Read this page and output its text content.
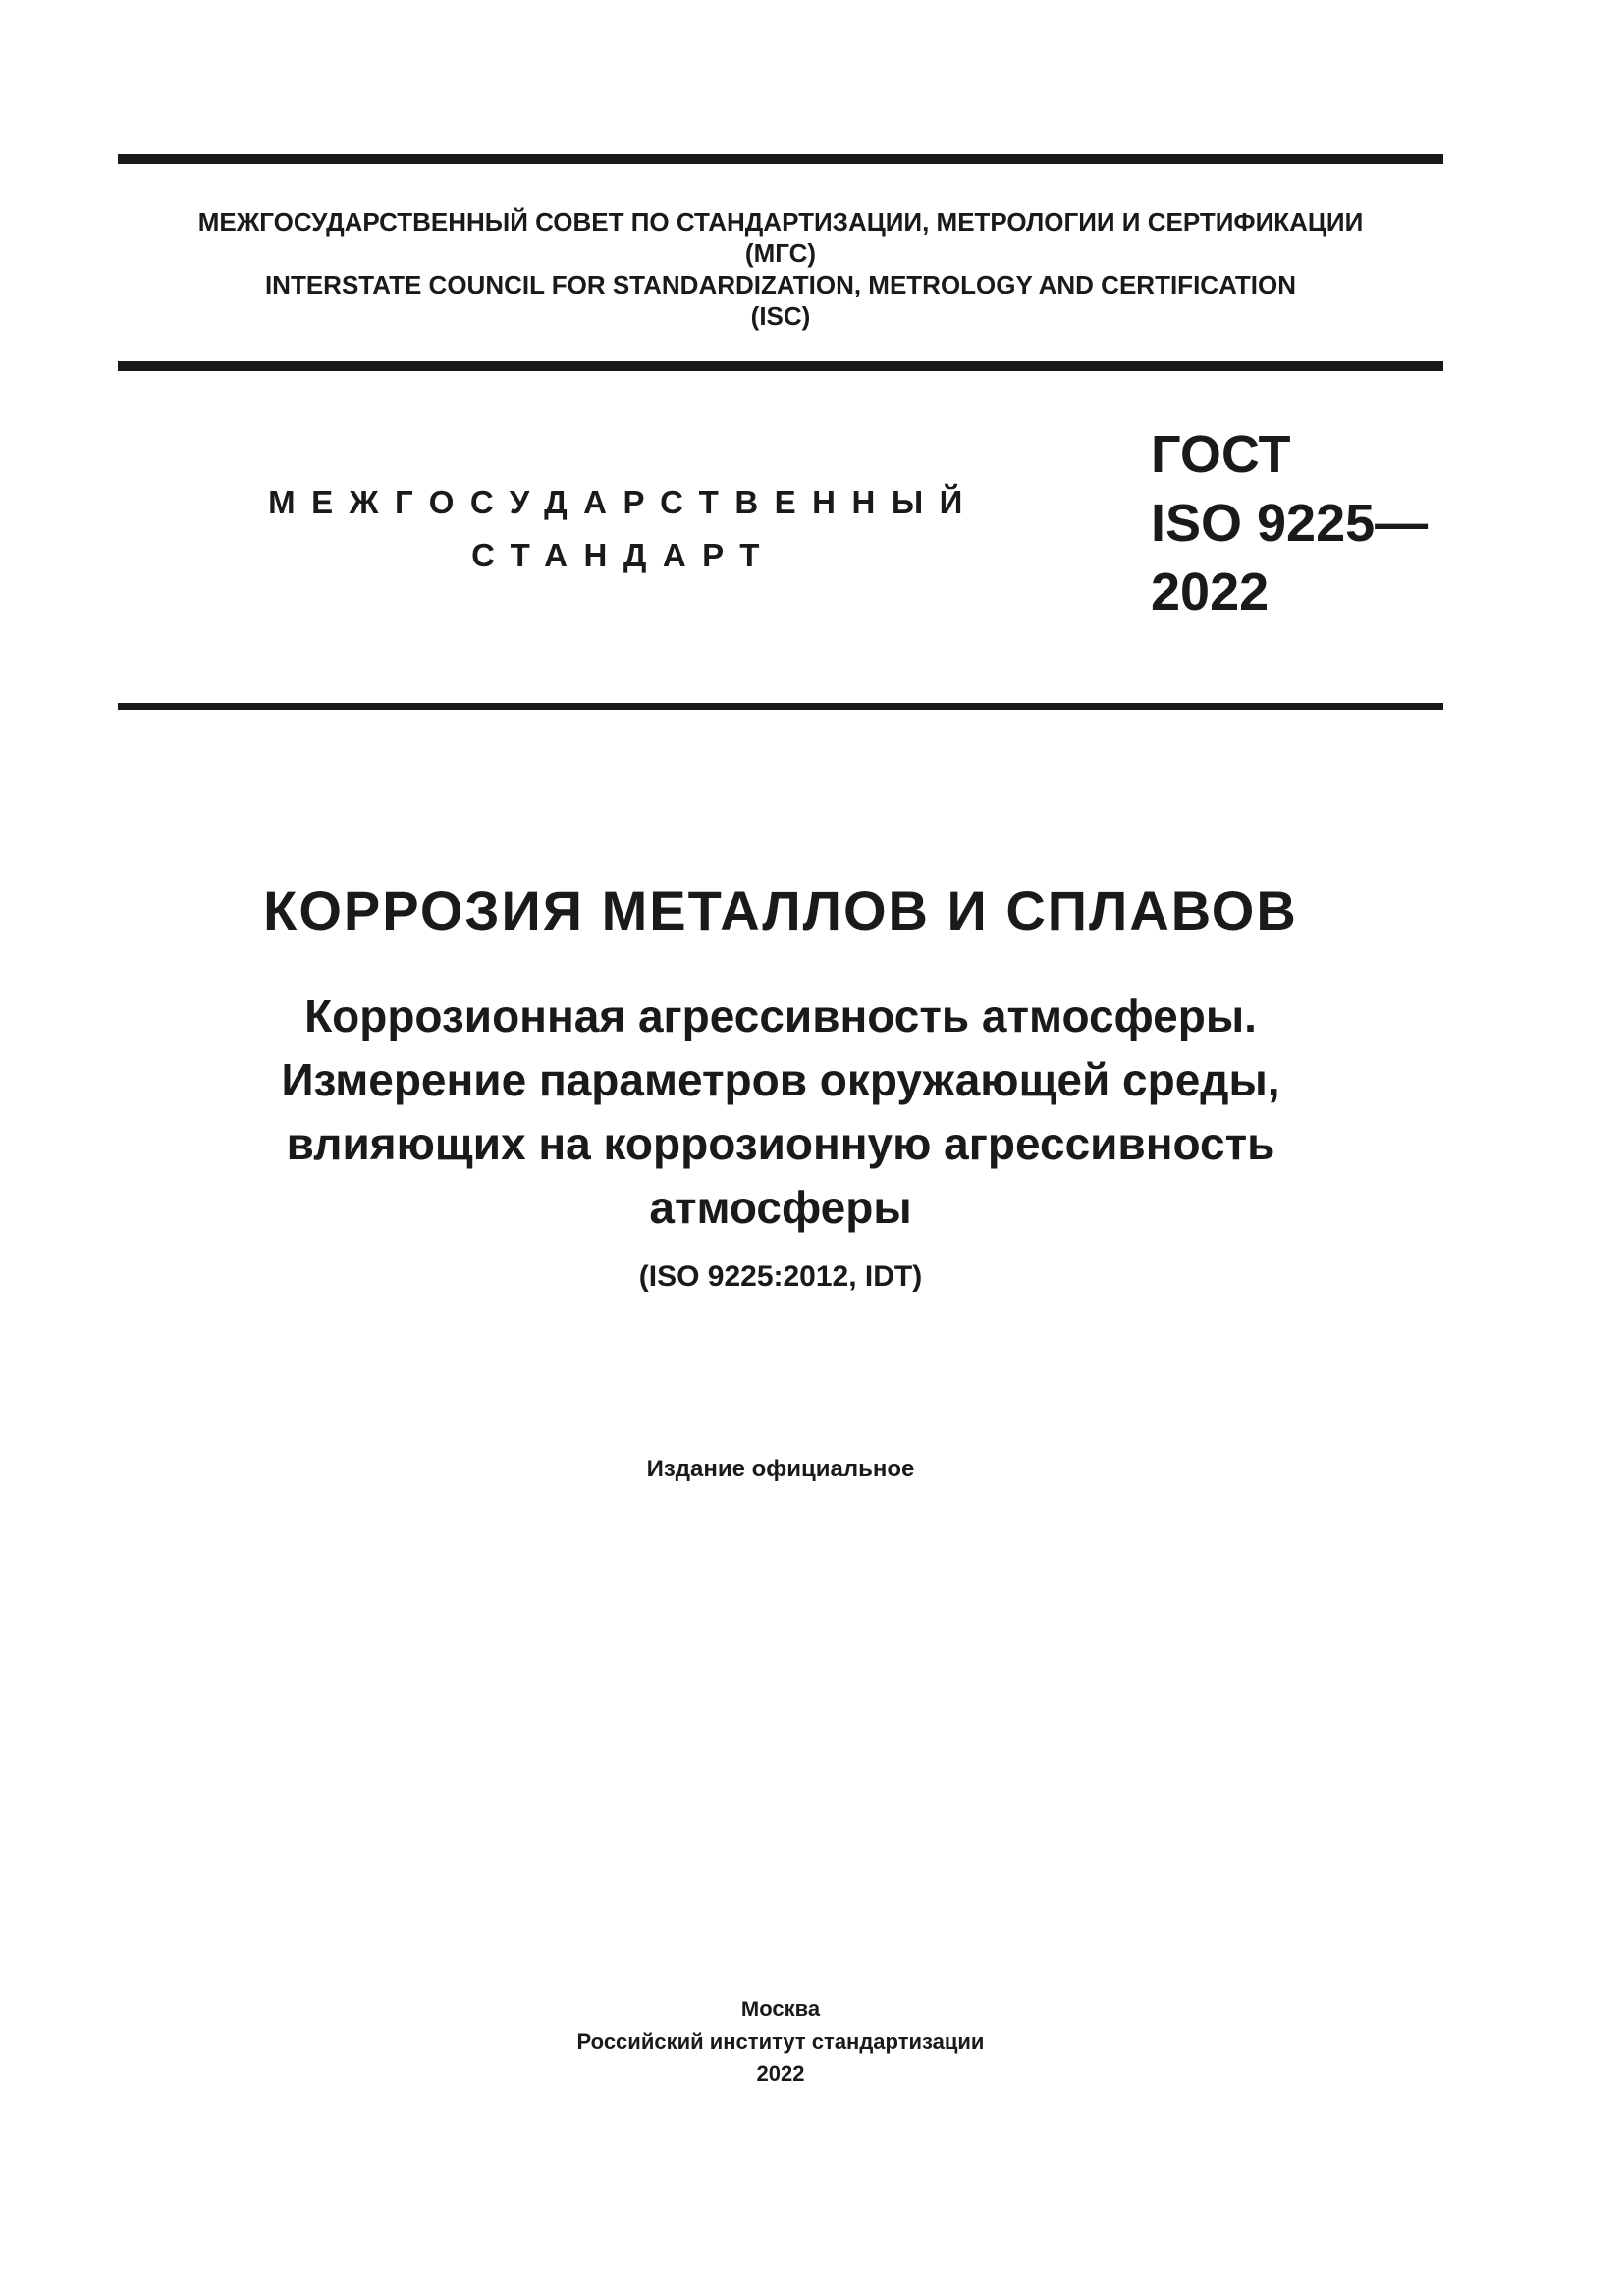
МЕЖГОСУДАРСТВЕННЫЙ СОВЕТ ПО СТАНДАРТИЗАЦИИ, МЕТРОЛОГИИ И СЕРТИФИКАЦИИ
(МГС)
INTERSTATE COUNCIL FOR STANDARDIZATION, METROLOGY AND CERTIFICATION
(ISC)
МЕЖГОСУДАРСТВЕННЫЙ
СТАНДАРТ
ГОСТ
ISO 9225—
2022
КОРРОЗИЯ МЕТАЛЛОВ И СПЛАВОВ
Коррозионная агрессивность атмосферы.
Измерение параметров окружающей среды,
влияющих на коррозионную агрессивность
атмосферы
(ISO 9225:2012, IDT)
Издание официальное
Москва
Российский институт стандартизации
2022
